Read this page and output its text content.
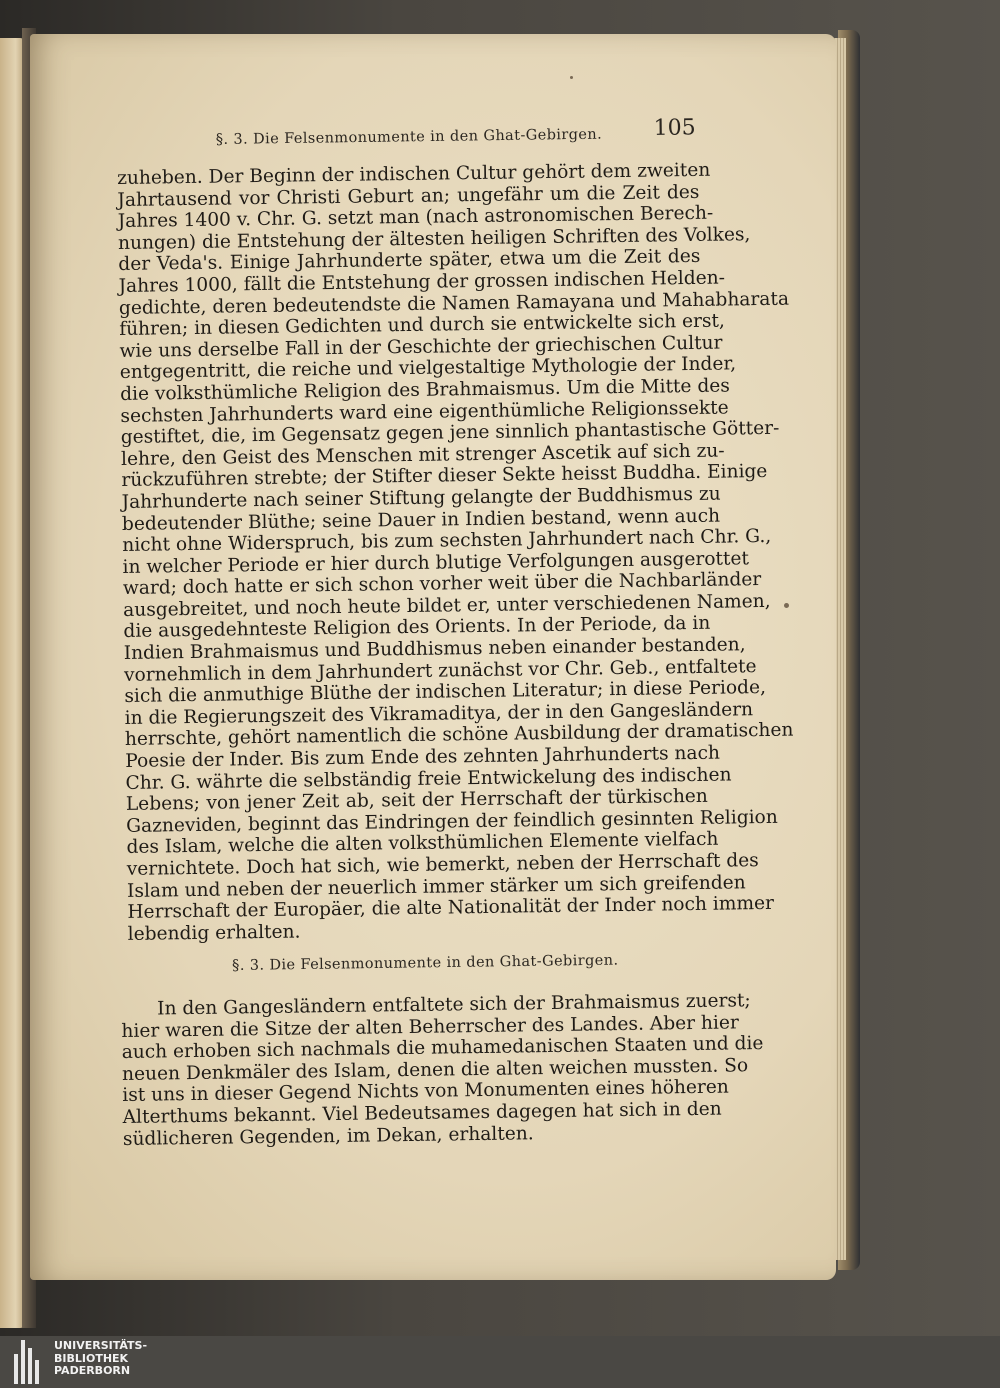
§. 3. Die Felsenmonumente in den Ghat-Gebirgen. 105
zuheben. Der Beginn der indischen Cultur gehört dem zweiten
Jahrtausend vor Christi Geburt an; ungefähr um die Zeit des
Jahres 1400 v. Chr. G. setzt man (nach astronomischen Berech-
nungen) die Entstehung der ältesten heiligen Schriften des Volkes,
der Veda's. Einige Jahrhunderte später, etwa um die Zeit des
Jahres 1000, fällt die Entstehung der grossen indischen Helden-
gedichte, deren bedeutendste die Namen Ramayana und Mahabharata
führen; in diesen Gedichten und durch sie entwickelte sich erst,
wie uns derselbe Fall in der Geschichte der griechischen Cultur
entgegentritt, die reiche und vielgestaltige Mythologie der Inder,
die volksthümliche Religion des Brahmaismus. Um die Mitte des
sechsten Jahrhunderts ward eine eigenthümliche Religionssekte
gestiftet, die, im Gegensatz gegen jene sinnlich phantastische Götter-
lehre, den Geist des Menschen mit strenger Ascetik auf sich zu-
rückzuführen strebte; der Stifter dieser Sekte heisst Buddha. Einige
Jahrhunderte nach seiner Stiftung gelangte der Buddhismus zu
bedeutender Blüthe; seine Dauer in Indien bestand, wenn auch
nicht ohne Widerspruch, bis zum sechsten Jahrhundert nach Chr. G.,
in welcher Periode er hier durch blutige Verfolgungen ausgerottet
ward; doch hatte er sich schon vorher weit über die Nachbarländer
ausgebreitet, und noch heute bildet er, unter verschiedenen Namen,
die ausgedehnteste Religion des Orients. In der Periode, da in
Indien Brahmaismus und Buddhismus neben einander bestanden,
vornehmlich in dem Jahrhundert zunächst vor Chr. Geb., entfaltete
sich die anmuthige Blüthe der indischen Literatur; in diese Periode,
in die Regierungszeit des Vikramaditya, der in den Gangesländern
herrschte, gehört namentlich die schöne Ausbildung der dramatischen
Poesie der Inder. Bis zum Ende des zehnten Jahrhunderts nach
Chr. G. währte die selbständig freie Entwickelung des indischen
Lebens; von jener Zeit ab, seit der Herrschaft der türkischen
Gazneviden, beginnt das Eindringen der feindlich gesinnten Religion
des Islam, welche die alten volksthümlichen Elemente vielfach
vernichtete. Doch hat sich, wie bemerkt, neben der Herrschaft des
Islam und neben der neuerlich immer stärker um sich greifenden
Herrschaft der Europäer, die alte Nationalität der Inder noch immer
lebendig erhalten.
§. 3. Die Felsenmonumente in den Ghat-Gebirgen.
In den Gangesländern entfaltete sich der Brahmaismus zuerst;
hier waren die Sitze der alten Beherrscher des Landes. Aber hier
auch erhoben sich nachmals die muhamedanischen Staaten und die
neuen Denkmäler des Islam, denen die alten weichen mussten. So
ist uns in dieser Gegend Nichts von Monumenten eines höheren
Alterthums bekannt. Viel Bedeutsames dagegen hat sich in den
südlicheren Gegenden, im Dekan, erhalten.
UNIVERSITÄTS-
BIBLIOTHEK
PADERBORN
